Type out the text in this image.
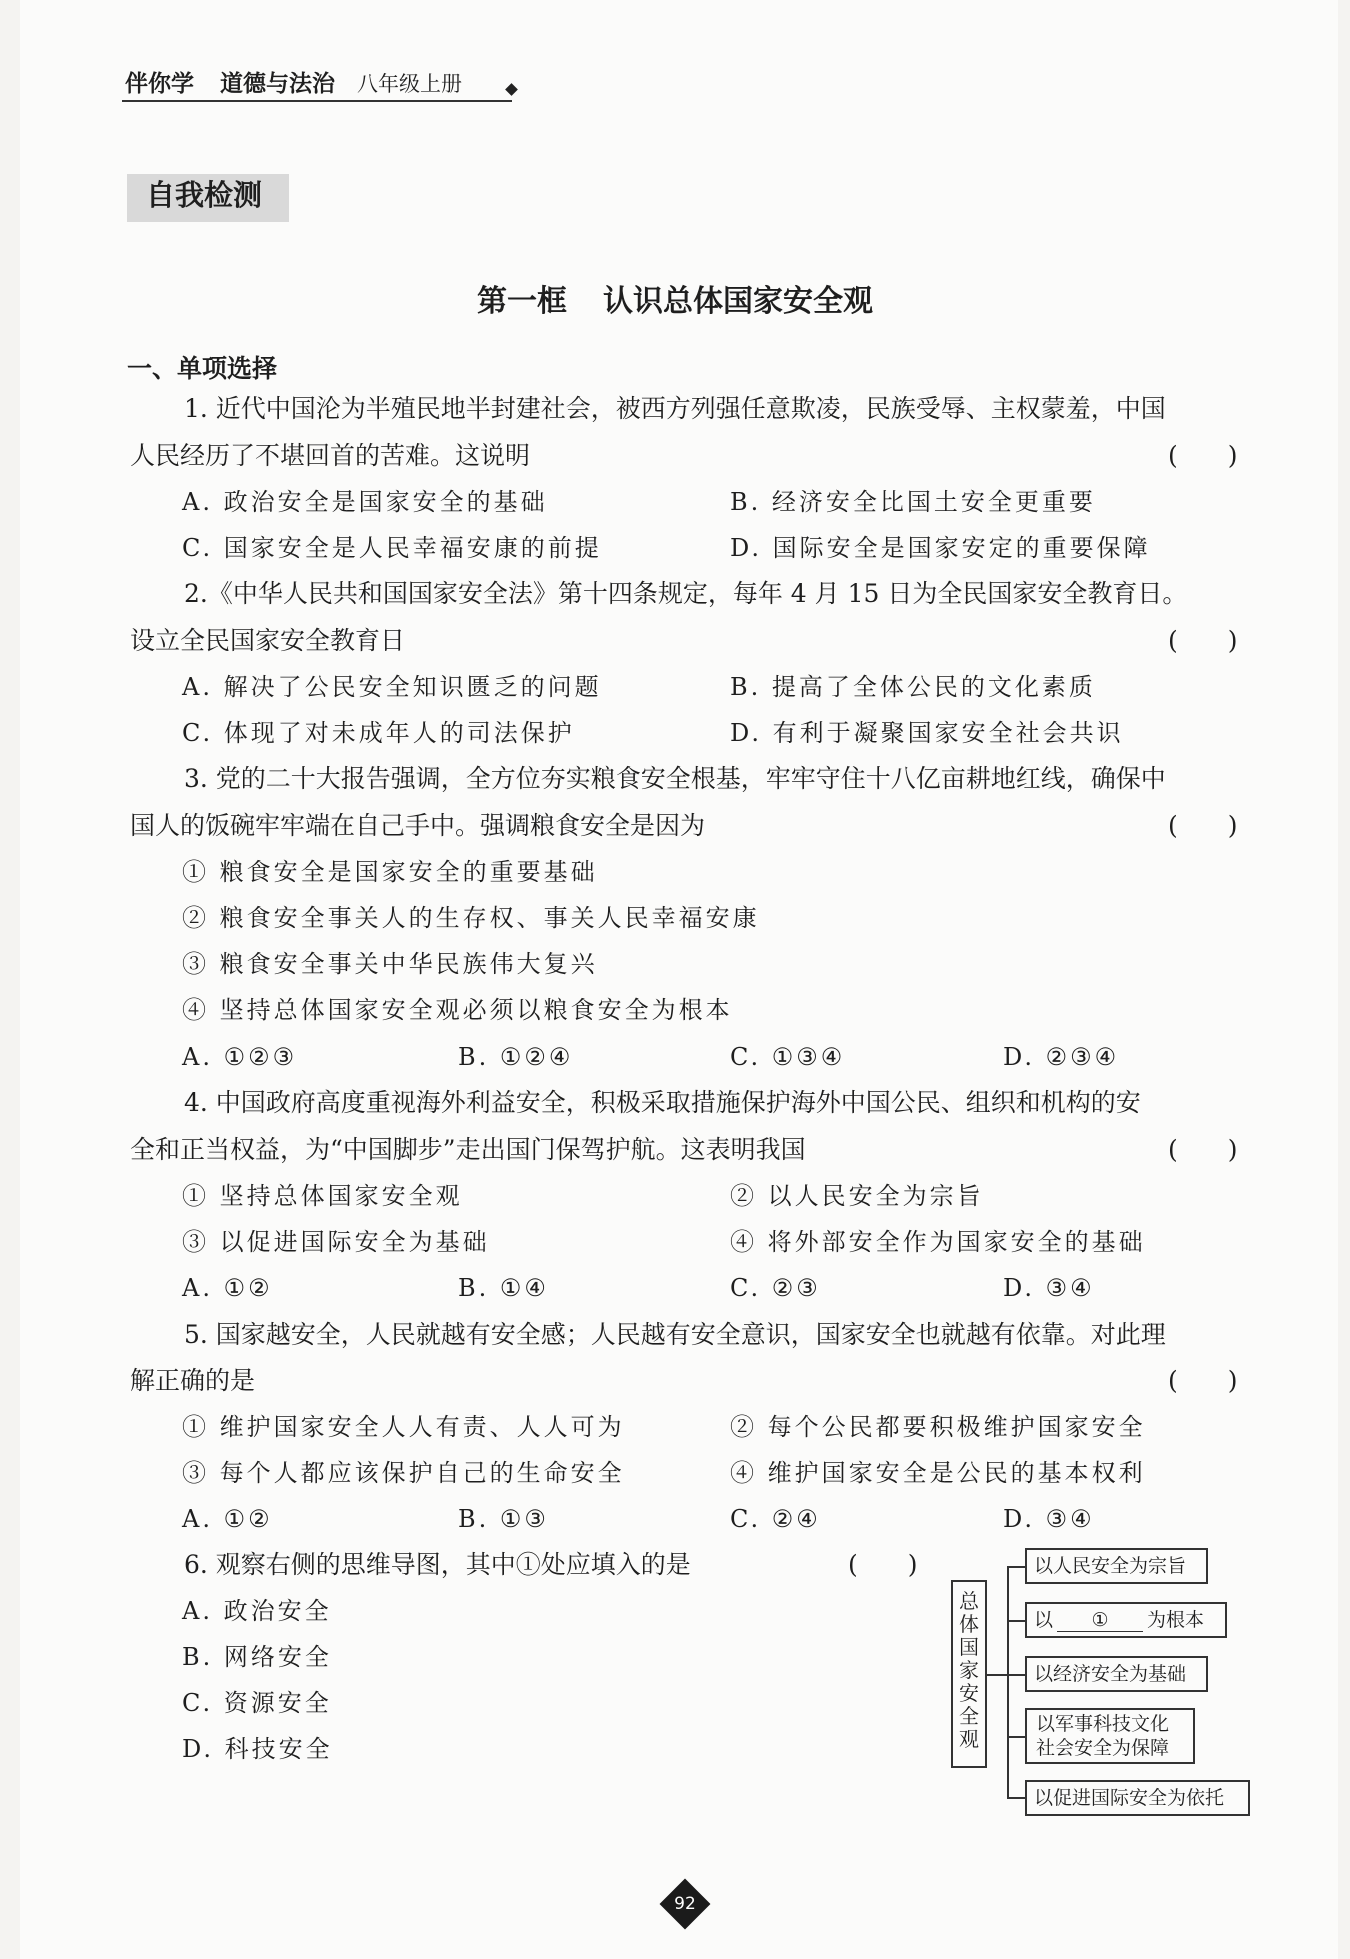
伴你学 道德与法治 八年级上册
自我检测
第一框 认识总体国家安全观
一、单项选择
1. 近代中国沦为半殖民地半封建社会，被西方列强任意欺凌，民族受辱、主权蒙羞，中国
人民经历了不堪回首的苦难。这说明	(　　)
A. 政治安全是国家安全的基础	B. 经济安全比国土安全更重要
C. 国家安全是人民幸福安康的前提	D. 国际安全是国家安定的重要保障
2.《中华人民共和国国家安全法》第十四条规定，每年 4 月 15 日为全民国家安全教育日。
设立全民国家安全教育日	(　　)
A. 解决了公民安全知识匮乏的问题	B. 提高了全体公民的文化素质
C. 体现了对未成年人的司法保护	D. 有利于凝聚国家安全社会共识
3. 党的二十大报告强调，全方位夯实粮食安全根基，牢牢守住十八亿亩耕地红线，确保中
国人的饭碗牢牢端在自己手中。强调粮食安全是因为	(　　)
① 粮食安全是国家安全的重要基础
② 粮食安全事关人的生存权、事关人民幸福安康
③ 粮食安全事关中华民族伟大复兴
④ 坚持总体国家安全观必须以粮食安全为根本
A. ①②③	B. ①②④	C. ①③④	D. ②③④
4. 中国政府高度重视海外利益安全，积极采取措施保护海外中国公民、组织和机构的安
全和正当权益，为“中国脚步”走出国门保驾护航。这表明我国	(　　)
① 坚持总体国家安全观	② 以人民安全为宗旨
③ 以促进国际安全为基础	④ 将外部安全作为国家安全的基础
A. ①②	B. ①④	C. ②③	D. ③④
5. 国家越安全，人民就越有安全感；人民越有安全意识，国家安全也就越有依靠。对此理
解正确的是	(　　)
① 维护国家安全人人有责、人人可为	② 每个公民都要积极维护国家安全
③ 每个人都应该保护自己的生命安全	④ 维护国家安全是公民的基本权利
A. ①②	B. ①③	C. ②④	D. ③④
6. 观察右侧的思维导图，其中①处应填入的是	(　　)
A. 政治安全
B. 网络安全
C. 资源安全
D. 科技安全
总
体
国
家
安
全
观
以人民安全为宗旨
以 ① 为根本
以经济安全为基础
以军事科技文化
社会安全为保障
以促进国际安全为依托
92
